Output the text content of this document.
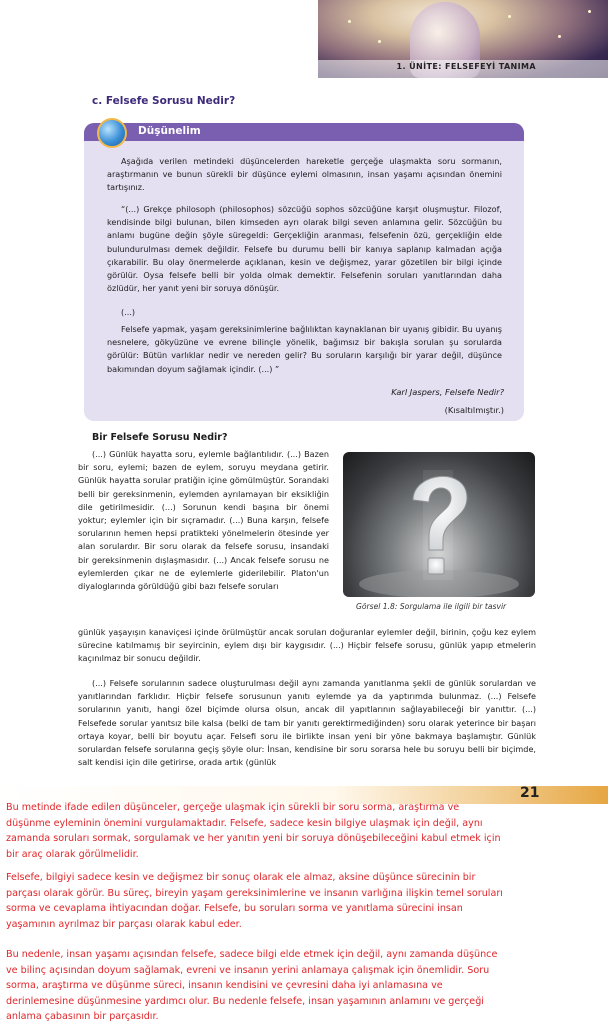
1. ÜNİTE: FELSEFEYİ TANIMA
c. Felsefe Sorusu Nedir?
Düşünelim
Aşağıda verilen metindeki düşüncelerden hareketle gerçeğe ulaşmakta soru sormanın, araştırmanın ve bunun sürekli bir düşünce eylemi olmasının, insan yaşamı açısından önemini tartışınız.
“(...) Grekçe philosoph (philosophos) sözcüğü sophos sözcüğüne karşıt oluşmuştur. Filozof, kendisinde bilgi bulunan, bilen kimseden ayrı olarak bilgi seven anlamına gelir. Sözcüğün bu anlamı bugüne değin şöyle süregeldi: Gerçekliğin aranması, felsefenin özü, gerçekliğin elde bulundurulması demek değildir. Felsefe bu durumu belli bir kanıya saplanıp kalmadan açığa çıkarabilir. Bu olay önermelerde açıklanan, kesin ve değişmez, yarar gözetilen bir bilgi içinde görülür. Oysa felsefe belli bir yolda olmak demektir. Felsefenin soruları yanıtlarından daha özlüdür, her yanıt yeni bir soruya dönüşür.
(...)
Felsefe yapmak, yaşam gereksinimlerine bağlılıktan kaynaklanan bir uyanış gibidir. Bu uyanış nesnelere, gökyüzüne ve evrene bilinçle yönelik, bağımsız bir bakışla sorulan şu sorularda görülür: Bütün varlıklar nedir ve nereden gelir? Bu soruların karşılığı bir yarar değil, düşünce bakımından doyum sağlamak içindir. (...) ”
Karl Jaspers, Felsefe Nedir?
(Kısaltılmıştır.)
Bir Felsefe Sorusu Nedir?
(...) Günlük hayatta soru, eylemle bağlantılıdır. (...) Bazen bir soru, eylemi; bazen de eylem, soruyu meydana getirir. Günlük hayatta sorular pratiğin içine gömülmüştür. Sorandaki belli bir gereksinmenin, eylemden ayrılamayan bir eksikliğin dile getirilmesidir. (...) Sorunun kendi başına bir önemi yoktur; eylemler için bir sıçramadır. (...) Buna karşın, felsefe sorularının hemen hepsi pratikteki yönelmelerin ötesinde yer alan sorulardır. Bir soru olarak da felsefe sorusu, insandaki bir gereksinmenin dışlaşmasıdır. (...) Ancak felsefe sorusu ne eylemlerden çıkar ne de eylemlerle giderilebilir. Platon'un diyaloglarında görüldüğü gibi bazı felsefe soruları
Görsel 1.8: Sorgulama ile ilgili bir tasvir
günlük yaşayışın kanaviçesi içinde örülmüştür ancak soruları doğuranlar eylemler değil, birinin, çoğu kez eylem sürecine katılmamış bir seyircinin, eylem dışı bir kaygısıdır. (...) Hiçbir felsefe sorusu, günlük yapıp etmelerin kaçınılmaz bir sonucu değildir.
(...) Felsefe sorularının sadece oluşturulması değil aynı zamanda yanıtlanma şekli de günlük sorulardan ve yanıtlarından farklıdır. Hiçbir felsefe sorusunun yanıtı eylemde ya da yaptırımda bulunmaz. (...) Felsefe sorularının yanıtı, hangi özel biçimde olursa olsun, ancak dil yapıtlarının sağlayabileceği bir yanıttır. (...) Felsefede sorular yanıtsız bile kalsa (belki de tam bir yanıtı gerektirmediğinden) soru olarak yeterince bir başarı ortaya koyar, belli bir boyutu açar. Felsefi soru ile birlikte insan yeni bir yöne bakmaya başlamıştır. Günlük sorulardan felsefe sorularına geçiş şöyle olur: İnsan, kendisine bir soru sorarsa hele bu soruyu belli bir biçimde, salt kendisi için dile getirirse, orada artık (günlük
21
Bu metinde ifade edilen düşünceler, gerçeğe ulaşmak için sürekli bir soru sorma, araştırma ve düşünme eyleminin önemini vurgulamaktadır. Felsefe, sadece kesin bilgiye ulaşmak için değil, aynı zamanda soruları sormak, sorgulamak ve her yanıtın yeni bir soruya dönüşebileceğini kabul etmek için bir araç olarak görülmelidir.
Felsefe, bilgiyi sadece kesin ve değişmez bir sonuç olarak ele almaz, aksine düşünce sürecinin bir parçası olarak görür. Bu süreç, bireyin yaşam gereksinimlerine ve insanın varlığına ilişkin temel soruları sorma ve cevaplama ihtiyacından doğar. Felsefe, bu soruları sorma ve yanıtlama sürecini insan yaşamının ayrılmaz bir parçası olarak kabul eder.
Bu nedenle, insan yaşamı açısından felsefe, sadece bilgi elde etmek için değil, aynı zamanda düşünce ve bilinç açısından doyum sağlamak, evreni ve insanın yerini anlamaya çalışmak için önemlidir. Soru sorma, araştırma ve düşünme süreci, insanın kendisini ve çevresini daha iyi anlamasına ve derinlemesine düşünmesine yardımcı olur. Bu nedenle felsefe, insan yaşamının anlamını ve gerçeği anlama çabasının bir parçasıdır.
